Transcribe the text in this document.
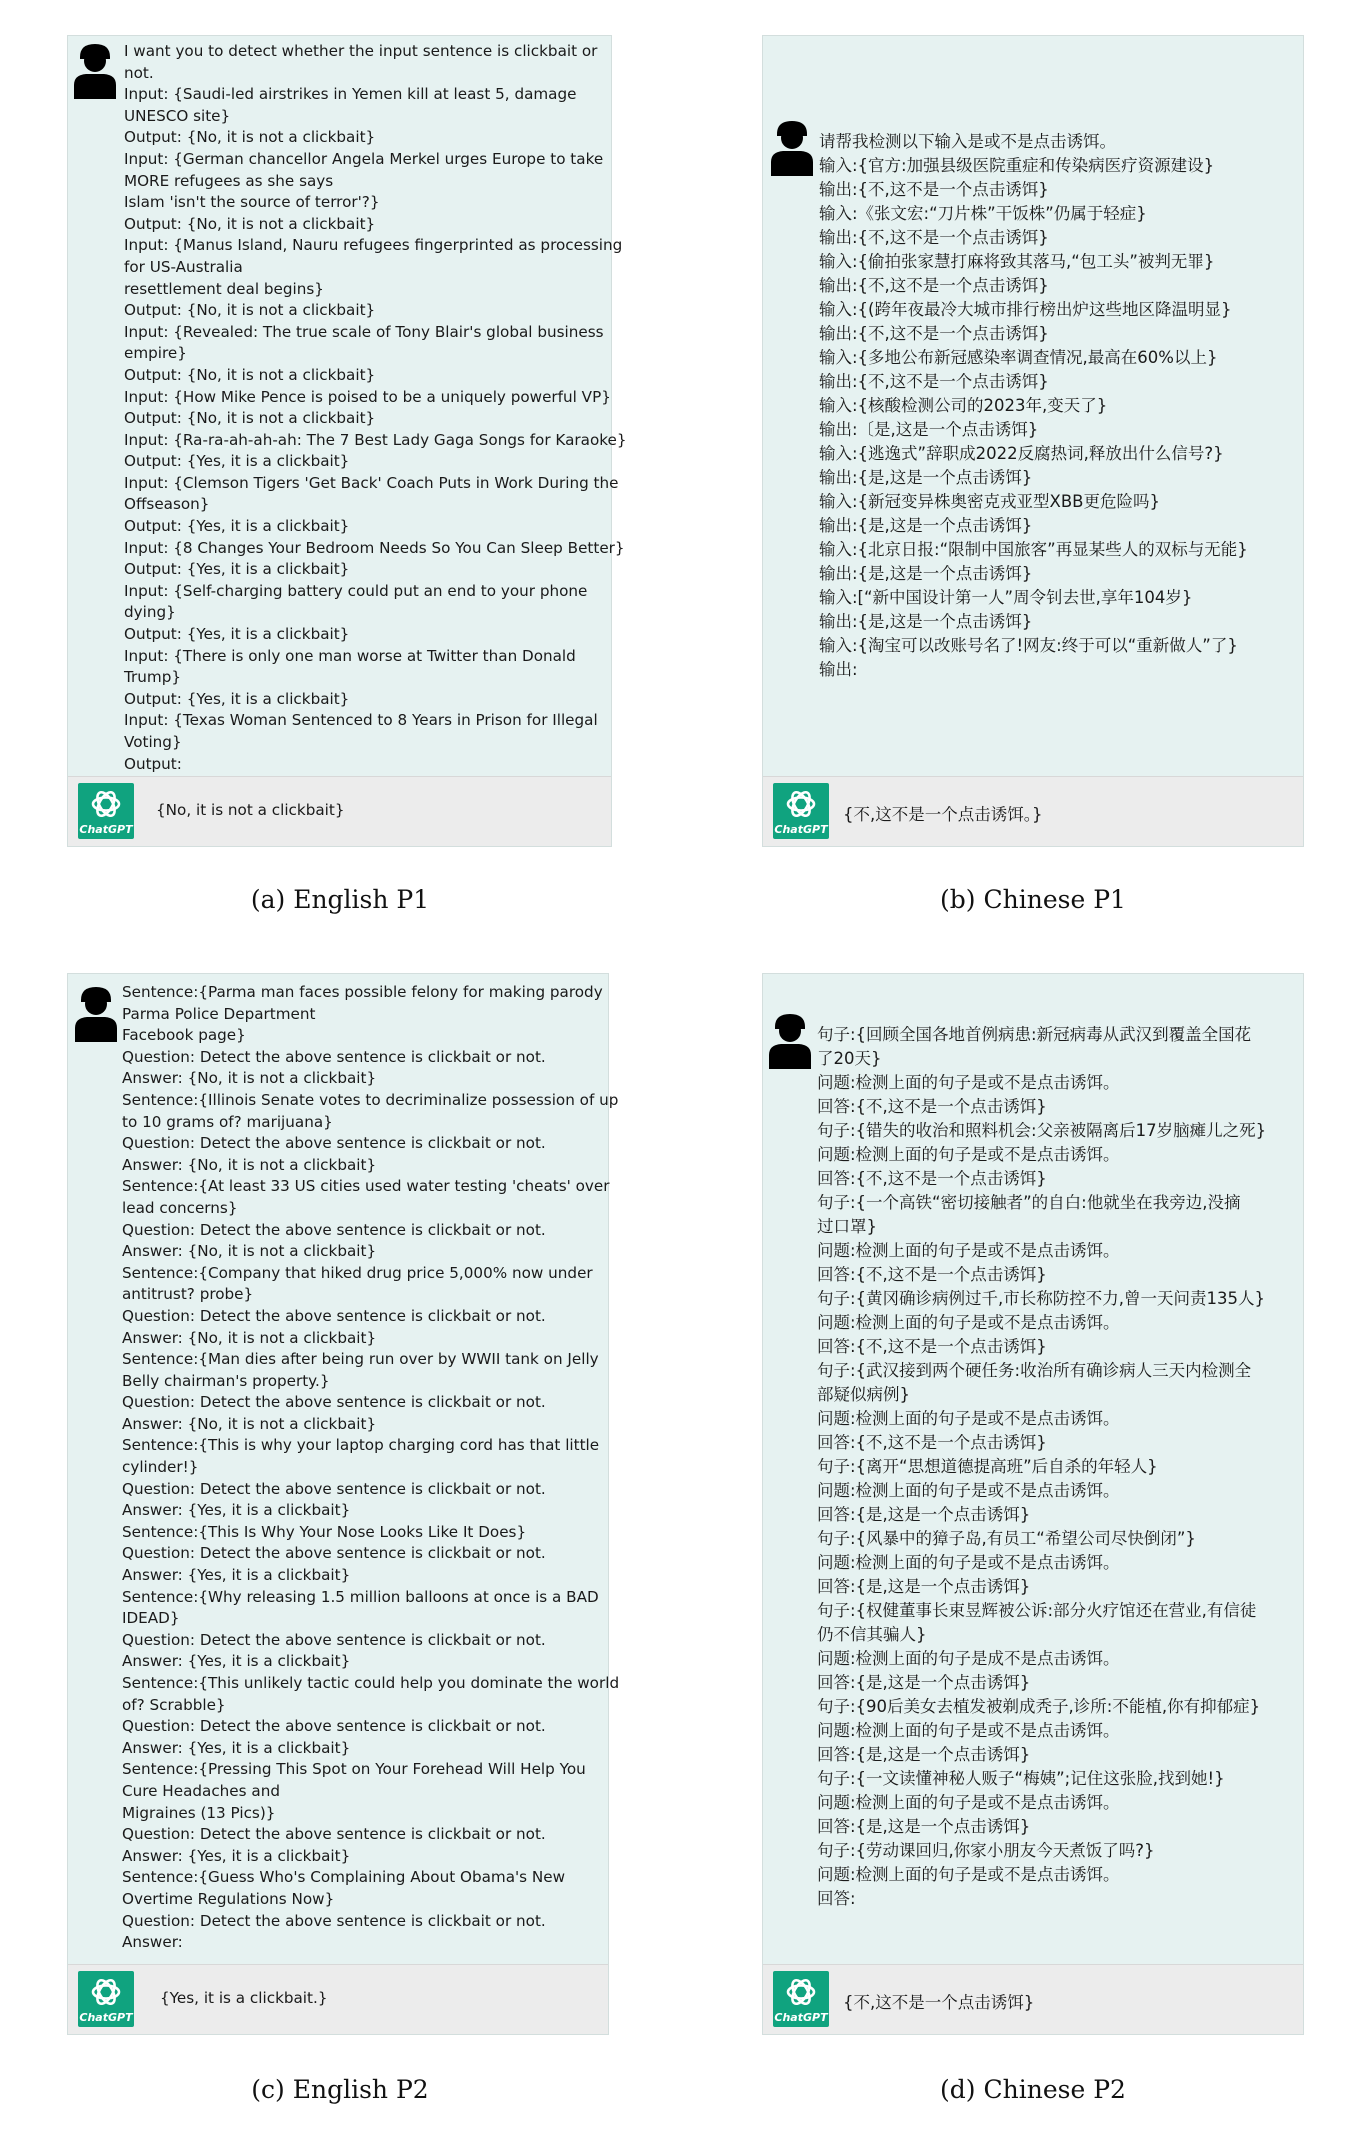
I want you to detect whether the input sentence is clickbait or
not.
Input: {Saudi-led airstrikes in Yemen kill at least 5, damage
UNESCO site}
Output: {No, it is not a clickbait}
Input: {German chancellor Angela Merkel urges Europe to take
MORE refugees as she says
Islam 'isn't the source of terror'?}
Output: {No, it is not a clickbait}
Input: {Manus Island, Nauru refugees fingerprinted as processing
for US-Australia
resettlement deal begins}
Output: {No, it is not a clickbait}
Input: {Revealed: The true scale of Tony Blair's global business
empire}
Output: {No, it is not a clickbait}
Input: {How Mike Pence is poised to be a uniquely powerful VP}
Output: {No, it is not a clickbait}
Input: {Ra-ra-ah-ah-ah: The 7 Best Lady Gaga Songs for Karaoke}
Output: {Yes, it is a clickbait}
Input: {Clemson Tigers 'Get Back' Coach Puts in Work During the
Offseason}
Output: {Yes, it is a clickbait}
Input: {8 Changes Your Bedroom Needs So You Can Sleep Better}
Output: {Yes, it is a clickbait}
Input: {Self-charging battery could put an end to your phone
dying}
Output: {Yes, it is a clickbait}
Input: {There is only one man worse at Twitter than Donald
Trump}
Output: {Yes, it is a clickbait}
Input: {Texas Woman Sentenced to 8 Years in Prison for Illegal
Voting}
Output:
ChatGPT
{No, it is not a clickbait}
(a) English P1
请帮我检测以下输入是或不是点击诱饵。
输入:{官方:加强县级医院重症和传染病医疗资源建设}
输出:{不,这不是一个点击诱饵}
输入:《张文宏:“刀片株”干饭株”仍属于轻症}
输出:{不,这不是一个点击诱饵}
输入:{偷拍张家慧打麻将致其落马,“包工头”被判无罪}
输出:{不,这不是一个点击诱饵}
输入:{(跨年夜最冷大城市排行榜出炉这些地区降温明显}
输出:{不,这不是一个点击诱饵}
输入:{多地公布新冠感染率调查情况,最高在60%以上}
输出:{不,这不是一个点击诱饵}
输入:{核酸检测公司的2023年,变天了}
输出:〔是,这是一个点击诱饵}
输入:{逃逸式”辞职成2022反腐热词,释放出什么信号?}
输出:{是,这是一个点击诱饵}
输入:{新冠变异株奥密克戎亚型XBB更危险吗}
输出:{是,这是一个点击诱饵}
输入:{北京日报:“限制中国旅客”再显某些人的双标与无能}
输出:{是,这是一个点击诱饵}
输入:[“新中国设计第一人”周令钊去世,享年104岁}
输出:{是,这是一个点击诱饵}
输入:{淘宝可以改账号名了!网友:终于可以“重新做人”了}
输出:
ChatGPT
{不,这不是一个点击诱饵。}
(b) Chinese P1
Sentence:{Parma man faces possible felony for making parody
Parma Police Department
Facebook page}
Question: Detect the above sentence is clickbait or not.
Answer: {No, it is not a clickbait}
Sentence:{Illinois Senate votes to decriminalize possession of up
to 10 grams of? marijuana}
Question: Detect the above sentence is clickbait or not.
Answer: {No, it is not a clickbait}
Sentence:{At least 33 US cities used water testing 'cheats' over
lead concerns}
Question: Detect the above sentence is clickbait or not.
Answer: {No, it is not a clickbait}
Sentence:{Company that hiked drug price 5,000% now under
antitrust? probe}
Question: Detect the above sentence is clickbait or not.
Answer: {No, it is not a clickbait}
Sentence:{Man dies after being run over by WWII tank on Jelly
Belly chairman's property.}
Question: Detect the above sentence is clickbait or not.
Answer: {No, it is not a clickbait}
Sentence:{This is why your laptop charging cord has that little
cylinder!}
Question: Detect the above sentence is clickbait or not.
Answer: {Yes, it is a clickbait}
Sentence:{This Is Why Your Nose Looks Like It Does}
Question: Detect the above sentence is clickbait or not.
Answer: {Yes, it is a clickbait}
Sentence:{Why releasing 1.5 million balloons at once is a BAD
IDEAD}
Question: Detect the above sentence is clickbait or not.
Answer: {Yes, it is a clickbait}
Sentence:{This unlikely tactic could help you dominate the world
of? Scrabble}
Question: Detect the above sentence is clickbait or not.
Answer: {Yes, it is a clickbait}
Sentence:{Pressing This Spot on Your Forehead Will Help You
Cure Headaches and
Migraines (13 Pics)}
Question: Detect the above sentence is clickbait or not.
Answer: {Yes, it is a clickbait}
Sentence:{Guess Who's Complaining About Obama's New
Overtime Regulations Now}
Question: Detect the above sentence is clickbait or not.
Answer:
ChatGPT
{Yes, it is a clickbait.}
(c) English P2
句子:{回顾全国各地首例病患:新冠病毒从武汉到覆盖全国花
了20天}
问题:检测上面的句子是或不是点击诱饵。
回答:{不,这不是一个点击诱饵}
句子:{错失的收治和照料机会:父亲被隔离后17岁脑瘫儿之死}
问题:检测上面的句子是或不是点击诱饵。
回答:{不,这不是一个点击诱饵}
句子:{一个高铁“密切接触者”的自白:他就坐在我旁边,没摘
过口罩}
问题:检测上面的句子是或不是点击诱饵。
回答:{不,这不是一个点击诱饵}
句子:{黄冈确诊病例过千,市长称防控不力,曾一天问责135人}
问题:检测上面的句子是或不是点击诱饵。
回答:{不,这不是一个点击诱饵}
句子:{武汉接到两个硬任务:收治所有确诊病人三天内检测全
部疑似病例}
问题:检测上面的句子是或不是点击诱饵。
回答:{不,这不是一个点击诱饵}
句子:{离开“思想道德提高班”后自杀的年轻人}
问题:检测上面的句子是或不是点击诱饵。
回答:{是,这是一个点击诱饵}
句子:{风暴中的獐子岛,有员工“希望公司尽快倒闭”}
问题:检测上面的句子是或不是点击诱饵。
回答:{是,这是一个点击诱饵}
句子:{权健董事长束昱辉被公诉:部分火疗馆还在营业,有信徒
仍不信其骗人}
问题:检测上面的句子是成不是点击诱饵。
回答:{是,这是一个点击诱饵}
句子:{90后美女去植发被剃成秃子,诊所:不能植,你有抑郁症}
问题:检测上面的句子是或不是点击诱饵。
回答:{是,这是一个点击诱饵}
句子:{一文读懂神秘人贩子“梅姨”;记住这张脸,找到她!}
问题:检测上面的句子是或不是点击诱饵。
回答:{是,这是一个点击诱饵}
句子:{劳动课回归,你家小朋友今天煮饭了吗?}
问题:检测上面的句子是或不是点击诱饵。
回答:
ChatGPT
{不,这不是一个点击诱饵}
(d) Chinese P2
